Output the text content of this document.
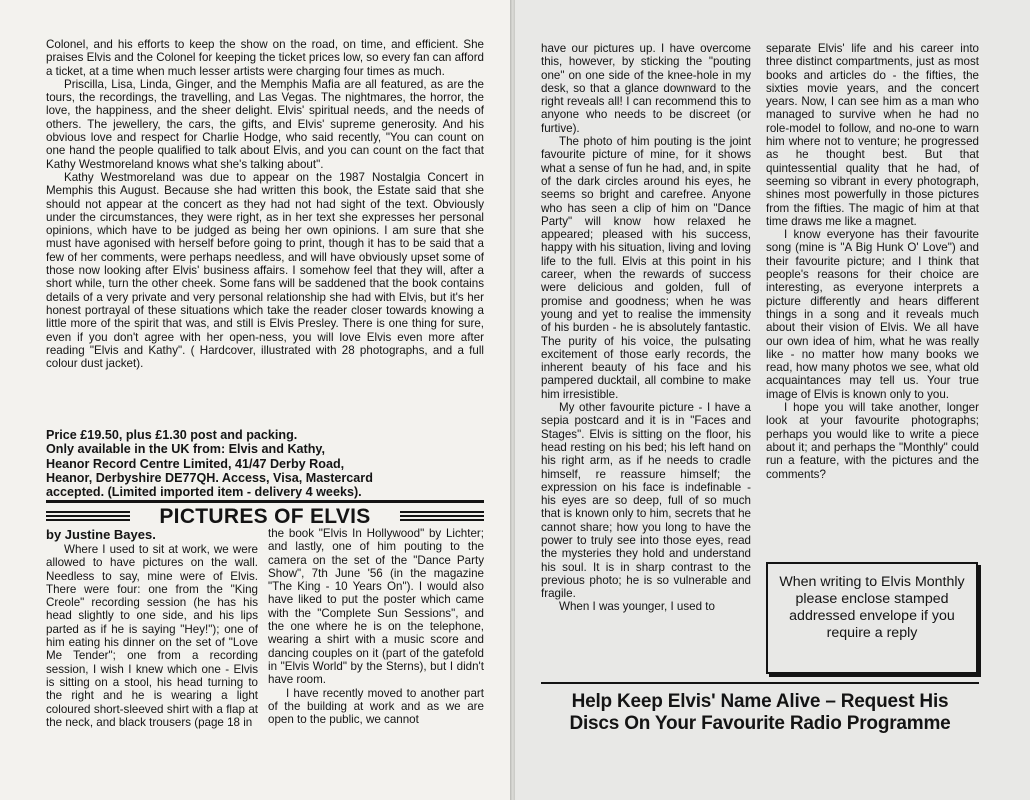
Colonel, and his efforts to keep the show on the road, on time, and efficient. She praises Elvis and the Colonel for keeping the ticket prices low, so every fan can afford a ticket, at a time when much lesser artists were charging four times as much.

Priscilla, Lisa, Linda, Ginger, and the Memphis Mafia are all featured, as are the tours, the recordings, the travelling, and Las Vegas. The nightmares, the horror, the love, the happiness, and the sheer delight. Elvis' spiritual needs, and the needs of others. The jewellery, the cars, the gifts, and Elvis' supreme generosity. And his obvious love and respect for Charlie Hodge, who said recently, "You can count on one hand the people qualified to talk about Elvis, and you can count on the fact that Kathy Westmoreland knows what she's talking about".

Kathy Westmoreland was due to appear on the 1987 Nostalgia Concert in Memphis this August. Because she had written this book, the Estate said that she should not appear at the concert as they had not had sight of the text. Obviously under the circumstances, they were right, as in her text she expresses her personal opinions, which have to be judged as being her own opinions. I am sure that she must have agonised with herself before going to print, though it has to be said that a few of her comments, were perhaps needless, and will have obviously upset some of those now looking after Elvis' business affairs. I somehow feel that they will, after a short while, turn the other cheek. Some fans will be saddened that the book contains details of a very private and very personal relationship she had with Elvis, but it's her honest portrayal of these situations which take the reader closer towards knowing a little more of the spirit that was, and still is Elvis Presley. There is one thing for sure, even if you don't agree with her open-ness, you will love Elvis even more after reading "Elvis and Kathy". ( Hardcover, illustrated with 28 photographs, and a full colour dust jacket).

Price £19.50, plus £1.30 post and packing.
Only available in the UK from: Elvis and Kathy,
Heanor Record Centre Limited, 41/47 Derby Road,
Heanor, Derbyshire DE77QH. Access, Visa, Mastercard
accepted. (Limited imported item - delivery 4 weeks).
PICTURES OF ELVIS

by Justine Bayes.

Where I used to sit at work, we were allowed to have pictures on the wall. Needless to say, mine were of Elvis. There were four: one from the "King Creole" recording session (he has his head slightly to one side, and his lips parted as if he is saying "Hey!"); one of him eating his dinner on the set of "Love Me Tender"; one from a recording session, I wish I knew which one - Elvis is sitting on a stool, his head turning to the right and he is wearing a light coloured short-sleeved shirt with a flap at the neck, and black trousers (page 18 in

the book "Elvis In Hollywood" by Lichter; and lastly, one of him pouting to the camera on the set of the "Dance Party Show", 7th June '56 (in the magazine "The King - 10 Years On"). I would also have liked to put the poster which came with the "Complete Sun Sessions", and the one where he is on the telephone, wearing a shirt with a music score and dancing couples on it (part of the gatefold in "Elvis World" by the Sterns), but I didn't have room.

I have recently moved to another part of the building at work and as we are open to the public, we cannot

have our pictures up. I have overcome this, however, by sticking the "pouting one" on one side of the knee-hole in my desk, so that a glance downward to the right reveals all! I can recommend this to anyone who needs to be discreet (or furtive).

The photo of him pouting is the joint favourite picture of mine, for it shows what a sense of fun he had, and, in spite of the dark circles around his eyes, he seems so bright and carefree. Anyone who has seen a clip of him on "Dance Party" will know how relaxed he appeared; pleased with his success, happy with his situation, living and loving life to the full. Elvis at this point in his career, when the rewards of success were delicious and golden, full of promise and goodness; when he was young and yet to realise the immensity of his burden - he is absolutely fantastic. The purity of his voice, the pulsating excitement of those early records, the inherent beauty of his face and his pampered ducktail, all combine to make him irresistible.

My other favourite picture - I have a sepia postcard and it is in "Faces and Stages". Elvis is sitting on the floor, his head resting on his bed; his left hand on his right arm, as if he needs to cradle himself, re reassure himself; the expression on his face is indefinable - his eyes are so deep, full of so much that is known only to him, secrets that he cannot share; how you long to have the power to truly see into those eyes, read the mysteries they hold and understand his soul. It is in sharp contrast to the previous photo; he is so vulnerable and fragile.

When I was younger, I used to

separate Elvis' life and his career into three distinct compartments, just as most books and articles do - the fifties, the sixties movie years, and the concert years. Now, I can see him as a man who managed to survive when he had no role-model to follow, and no-one to warn him where not to venture; he progressed as he thought best. But that quintessential quality that he had, of seeming so vibrant in every photograph, shines most powerfully in those pictures from the fifties. The magic of him at that time draws me like a magnet.

I know everyone has their favourite song (mine is "A Big Hunk O' Love") and their favourite picture; and I think that people's reasons for their choice are interesting, as everyone interprets a picture differently and hears different things in a song and it reveals much about their vision of Elvis. We all have our own idea of him, what he was really like - no matter how many books we read, how many photos we see, what old acquaintances may tell us. Your true image of Elvis is known only to you.

I hope you will take another, longer look at your favourite photographs; perhaps you would like to write a piece about it; and perhaps the "Monthly" could run a feature, with the pictures and the comments?

When writing to Elvis Monthly please enclose stamped addressed envelope if you require a reply

Help Keep Elvis' Name Alive – Request His
Discs On Your Favourite Radio Programme
